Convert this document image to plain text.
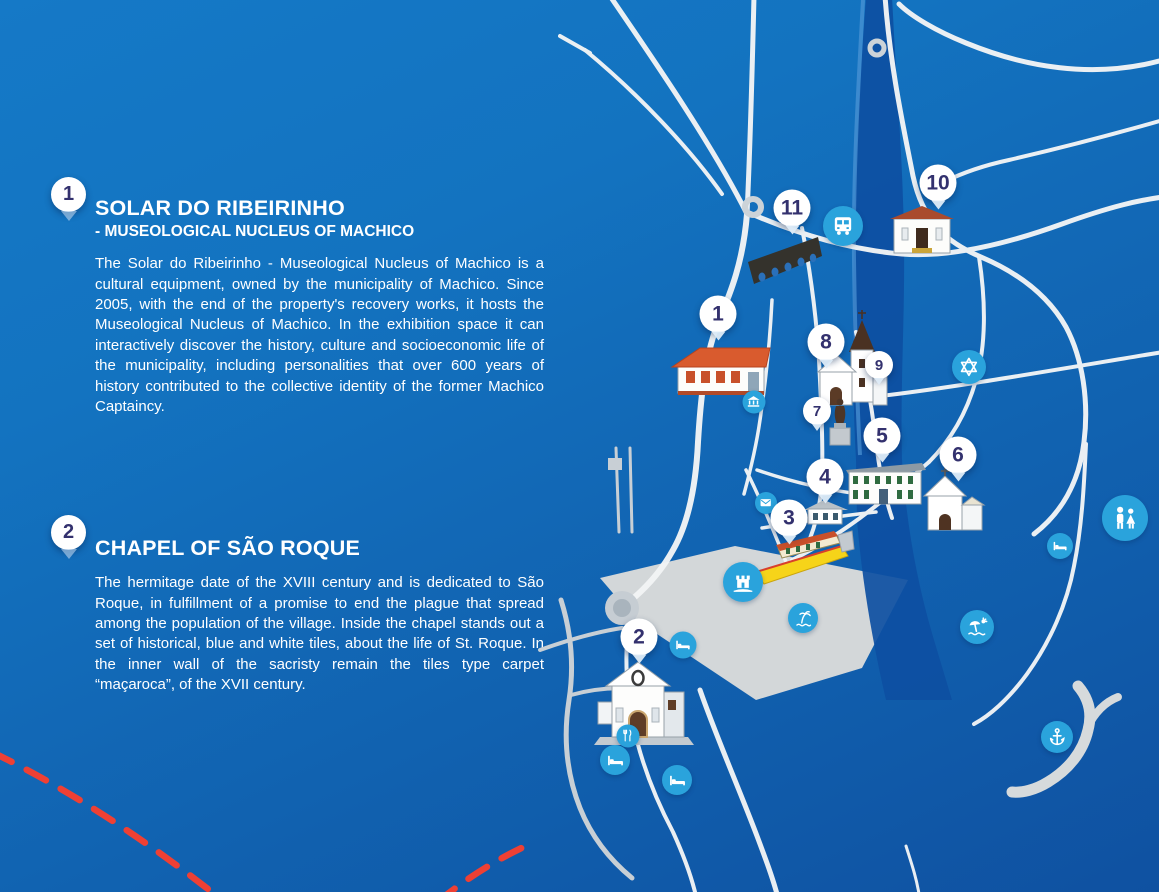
1
SOLAR DO RIBEIRINHO
- MUSEOLOGICAL NUCLEUS OF MACHICO
The Solar do Ribeirinho - Museological Nucleus of Machico is a cultural equipment, owned by the municipality of Machico. Since 2005, with the end of the property's recovery works, it hosts the Museological Nucleus of Machico. In the exhibition space it can interactively discover the history, culture and socioeconomic life of the municipality, including personalities that over 600 years of history contributed to the collective identity of the former Machico Captaincy.
2
CHAPEL OF SÃO ROQUE
The hermitage date of the XVIII century and is dedicated to São Roque, in fulfillment of a promise to end the plague that spread among the population of the village. Inside the chapel stands out a set of historical, blue and white tiles, about the life of St. Roque. In the inner wall of the sacristy remain the tiles type carpet “maçaroca”, of the XVII century.
1
2
3
4
5
6
7
8
9
10
11
